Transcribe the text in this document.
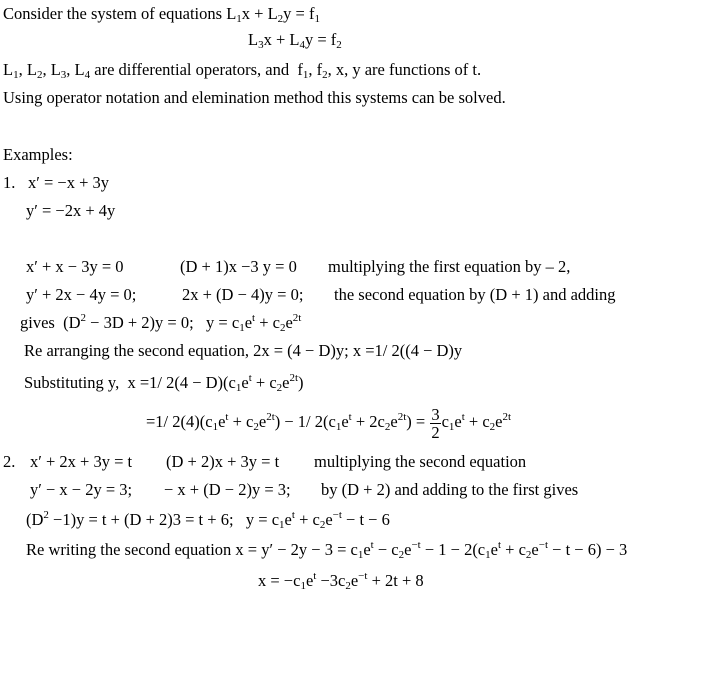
Consider the system of equations $L_1x + L_2y = f_1$
$L_3x + L_4y = f_2$
$L_1$, $L_2$, $L_3$, $L_4$ are differential operators, and  $f_1$, $f_2$, x, y are functions of t.
Using operator notation and elemination method this systems can be solved.
Examples:
1. x′ = −x + 3y
y′ = −2x + 4y
x′ + x − 3y = 0	(D + 1)x −3 y = 0 multiplying the first equation by – 2,
y′ + 2x − 4y = 0;	2x + (D − 4)y = 0; the second equation by (D + 1) and adding
gives  $(D^2 - 3D + 2)y = 0$;   $y = c_1e^t + c_2e^{2t}$
Re arranging the second equation, 2x = (4 − D)y; x =1/ 2((4 − D)y
Substituting y,  x =1/ $2(4 - D)(c_1e^t + c_2e^{2t})$
=1/ $2(4)(c_1e^t + c_2e^{2t}) - 1/$ $2(c_1e^t + 2c_2e^{2t}) = \frac{3}{2} c_1e^t + c_2e^{2t}$
2. x′ + 2x + 3y = t (D + 2)x + 3y = t multiplying the second equation
y′ − x − 2y = 3; − x + (D − 2)y = 3; by (D + 2) and adding to the first gives
$(D^2 -1)y = t + (D + 2)3 = t + 6$;   $y = c_1e^t + c_2e^{-t} - t - 6$
Re writing the second equation $x = y' - 2y - 3 = c_1e^t - c_2e^{-t} - 1 - 2(c_1e^t + c_2e^{-t} - t - 6) - 3$
$x = -c_1e^t -3c_2e^{-t} + 2t + 8$
